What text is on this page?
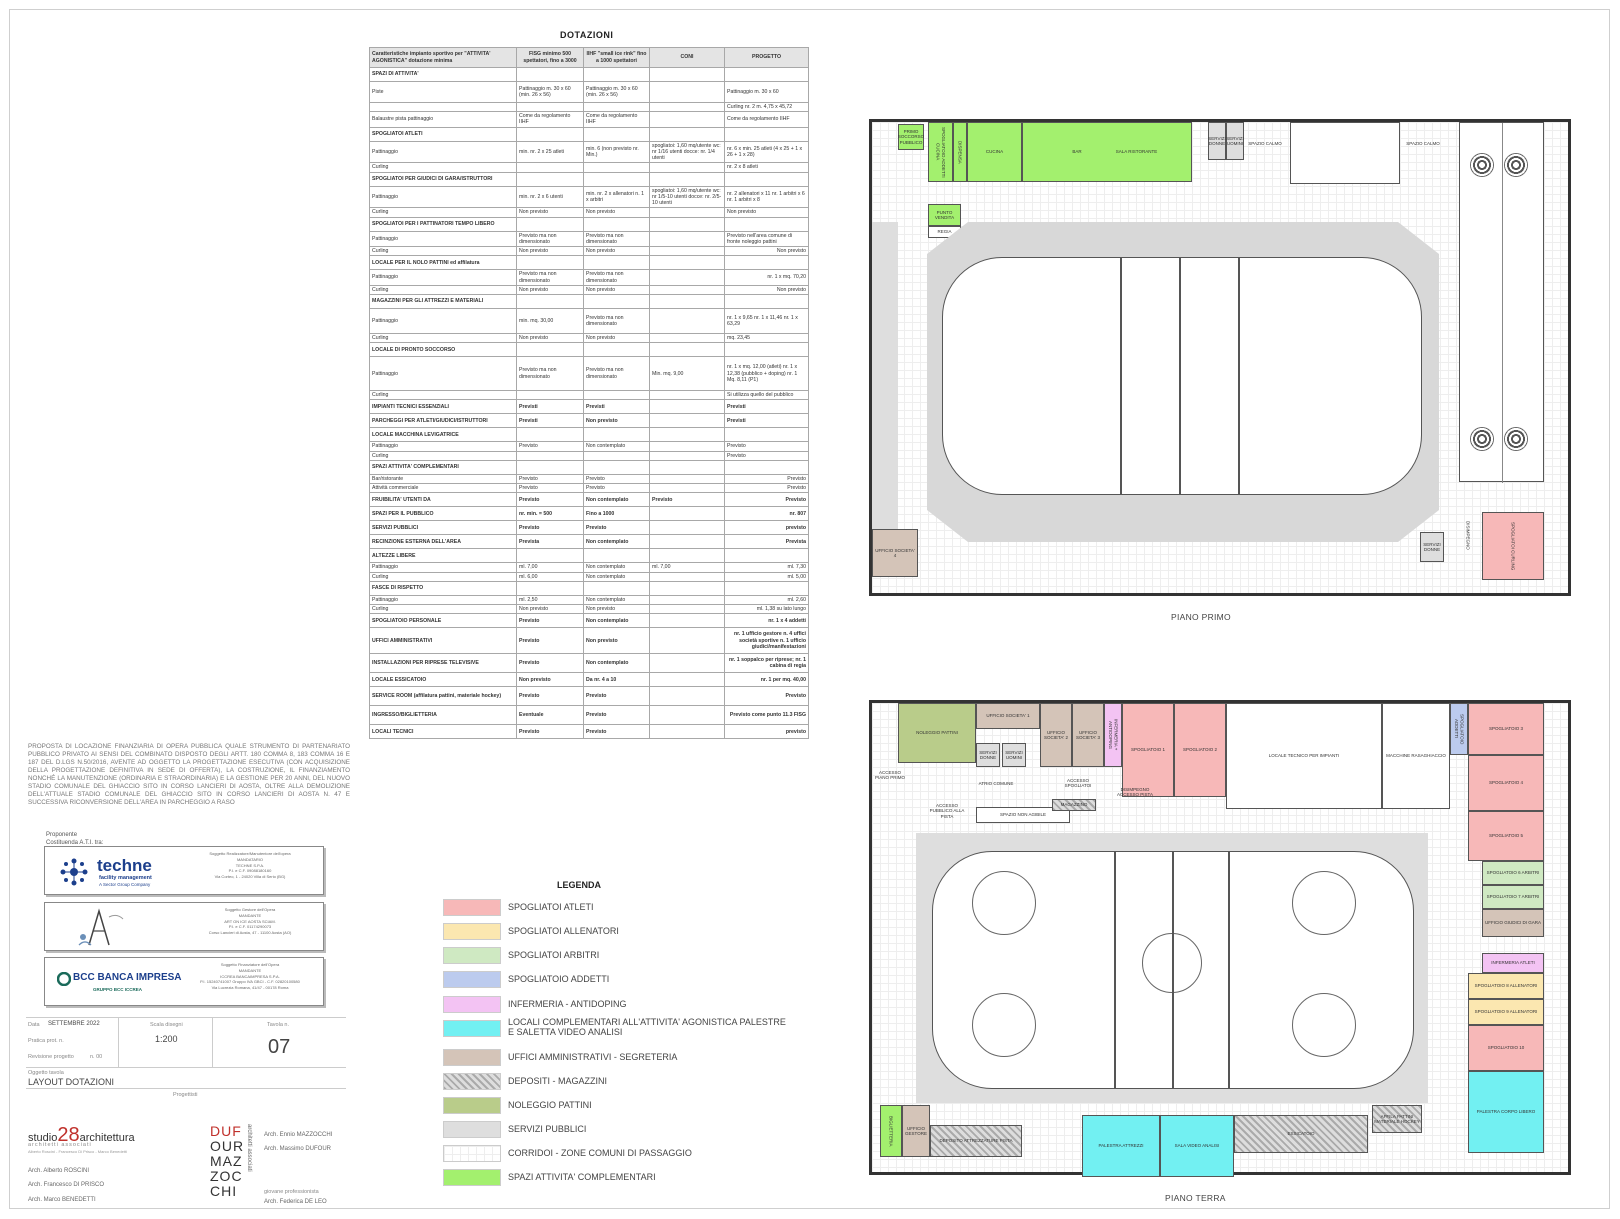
DOTAZIONI
Caratteristiche impianto sportivo per "ATTIVITA' AGONISTICA" dotazione minima	FISG minimo 500 spettatori, fino a 3000	IIHF "small ice rink" fino a 1000 spettatori	CONI	PROGETTO
SPAZI DI ATTIVITA'				
Piste	Pattinaggio m. 30 x 60 (min. 26 x 56)	Pattinaggio m. 30 x 60 (min. 26 x 56)		Pattinaggio m. 30 x 60
				Curling nr. 2 m. 4,75 x 45,72
Balaustre pista pattinaggio	Come da regolamento IIHF	Come da regolamento IIHF		Come da regolamento IIHF
SPOGLIATOI ATLETI				
Pattinaggio	min. nr. 2 x 25 atleti	min. 6 (non previsto nr. Min.)	spogliatoi: 1,60 mq/utente wc: nr 1/16 utenti docce: nr. 1/4 utenti	nr. 6 x min. 25 atleti (4 x 25 + 1 x 26 + 1 x 28)
Curling				nr. 2 x 8 atleti
SPOGLIATOI PER GIUDICI DI GARA/ISTRUTTORI				
Pattinaggio	min. nr. 2 x 6 utenti	min. nr. 2 x allenatori n. 1 x arbitri	spogliatoi: 1,60 mq/utente wc: nr 1/5-10 utenti docce: nr. 2/5-10 utenti	nr. 2 allenatori x 11 nr. 1 arbitri x 6 nr. 1 arbitri x 8
Curling	Non previsto	Non previsto		Non previsto
SPOGLIATOI PER I PATTINATORI TEMPO LIBERO				
Pattinaggio	Previsto ma non dimensionato	Previsto ma non dimensionato		Previsto nell'area comune di fronte noleggio pattini
Curling	Non previsto	Non previsto		Non previsto
LOCALE PER IL NOLO PATTINI ed affilatura				
Pattinaggio	Previsto ma non dimensionato	Previsto ma non dimensionato		nr. 1 x mq. 70,20
Curling	Non previsto	Non previsto		Non previsto
MAGAZZINI PER GLI ATTREZZI E MATERIALI				
Pattinaggio	min. mq. 30,00	Previsto ma non dimensionato		nr. 1 x 9,65 nr. 1 x 11,46 nr. 1 x 63,29
Curling	Non previsto	Non previsto		mq. 23,45
LOCALE DI PRONTO SOCCORSO				
Pattinaggio	Previsto ma non dimensionato	Previsto ma non dimensionato	Min. mq. 9,00	nr. 1 x mq. 12,00 (atleti) nr. 1 x 12,38 (pubblico + doping) nr. 1 Mq. 8,11 (P1)
Curling				Si utilizza quello del pubblico
IMPIANTI TECNICI ESSENZIALI	Previsti	Previsti		Previsti
PARCHEGGI PER ATLETI/GIUDICI/ISTRUTTORI	Previsti	Non previsto		Previsti
LOCALE MACCHINA LEVIGATRICE				
Pattinaggio	Previsto	Non contemplato		Previsto
Curling				Previsto
SPAZI ATTIVITA' COMPLEMENTARI				
Bar/ristorante	Previsto	Previsto		Previsto
Attività commerciale	Previsto	Previsto		Previsto
FRUIBILITA' UTENTI DA	Previsto	Non contemplato	Previsto	Previsto
SPAZI PER IL PUBBLICO	nr. min. = 500	Fino a 1000		nr. 807
SERVIZI PUBBLICI	Previsto	Previsto		previsto
RECINZIONE ESTERNA DELL'AREA	Prevista	Non contemplato		Prevista
ALTEZZE LIBERE				
Pattinaggio	ml. 7,00	Non contemplato	ml. 7,00	ml. 7,30
Curling	ml. 6,00	Non contemplato		ml. 5,00
FASCE DI RISPETTO				
Pattinaggio	ml. 2,50	Non contemplato		ml. 2,60
Curling	Non previsto	Non previsto		ml. 1,38 su lato lungo
SPOGLIATOIO PERSONALE	Previsto	Non contemplato		nr. 1 x 4 addetti
UFFICI AMMINISTRATIVI	Previsto	Non previsto		nr. 1 ufficio gestore n. 4 uffici società sportive n. 1 ufficio giudici/manifestazioni
INSTALLAZIONI PER RIPRESE TELEVISIVE	Previsto	Non contemplato		nr. 1 soppalco per riprese; nr. 1 cabina di regia
LOCALE ESSICATOIO	Non previsto	Da nr. 4 a 10		nr. 1 per mq. 40,00
SERVICE ROOM (affilatura pattini, materiale hockey)	Previsto	Previsto		Previsto
INGRESSO/BIGLIETTERIA	Eventuale	Previsto		Previsto come punto 11.3 FISG
LOCALI TECNICI	Previsto	Previsto		previsto
LEGENDA
SPOGLIATOI ATLETI
SPOGLIATOI ALLENATORI
SPOGLIATOI ARBITRI
SPOGLIATOIO ADDETTI
INFERMERIA - ANTIDOPING
LOCALI COMPLEMENTARI ALL'ATTIVITA' AGONISTICA PALESTRE E SALETTA VIDEO ANALISI
UFFICI AMMINISTRATIVI - SEGRETERIA
DEPOSITI - MAGAZZINI
NOLEGGIO PATTINI
SERVIZI PUBBLICI
CORRIDOI - ZONE COMUNI DI PASSAGGIO
SPAZI ATTIVITA' COMPLEMENTARI
PROPOSTA DI LOCAZIONE FINANZIARIA DI OPERA PUBBLICA QUALE STRUMENTO DI PARTENARIATO PUBBLICO PRIVATO AI SENSI DEL COMBINATO DISPOSTO DEGLI ARTT. 180 COMMA 8, 183 COMMA 16 E 187 DEL D.LGS N.50/2016, AVENTE AD OGGETTO LA PROGETTAZIONE ESECUTIVA (CON ACQUISIZIONE DELLA PROGETTAZIONE DEFINITIVA IN SEDE DI OFFERTA), LA COSTRUZIONE, IL FINANZIAMENTO NONCHÉ LA MANUTENZIONE (ORDINARIA E STRAORDINARIA) E LA GESTIONE PER 20 ANNI, DEL NUOVO STADIO COMUNALE DEL GHIACCIO SITO IN CORSO LANCIERI DI AOSTA, OLTRE ALLA DEMOLIZIONE DELL'ATTUALE STADIO COMUNALE DEL GHIACCIO SITO IN CORSO LANCIERI DI AOSTA N. 47 E SUCCESSIVA RICONVERSIONE DELL'AREA IN PARCHEGGIO A RASO
Proponente
Costituenda A.T.I. tra:
techne
facility management
A Sector Group Company
Soggetto Realizzatore/Manutentore dell'opera
MANDATARIO
TECHNE S.P.A.
P.I. e C.F. 09088180160
Via Corteo, 1 - 24020 Villa di Serio (BG)
Soggetto Gestore dell'Opera
MANDANTE
ART ON ICE AOSTA SCIAM.
P.I. e C.F. 01174290073
Corso Lancieri di Aosta, 47 - 11100 Aosta (AO)
BCC BANCA IMPRESA
GRUPPO BCC ICCREA
Soggetto Finanziatore dell'Opera
MANDANTE
ICCREA BANCAIMPRESA S.P.A.
P.I. 15240741007 Gruppo IVA GBCI - C.F. 02820100580
Via Lucrezia Romana, 41/47 - 00178 Roma
Data SETTEMBRE 2022
Pratica prot. n.
Revisione progetto	n. 00
Scala disegni
1:200
Tavola n.
07
Oggetto tavola
LAYOUT DOTAZIONI
Progettisti
studio28architettura
architetti associati
Alberto Roscini - Francesco Di Prisco - Marco Benedetti
Arch. Alberto ROSCINI
Arch. Francesco DI PRISCO
Arch. Marco BENEDETTI
DUF
OUR
MAZ
ZOC
CHI
architetti associati Arch. Ennio MAZZOCCHI
Arch. Massimo DUFOUR
giovane professionista
Arch. Federica DE LEO
PRIMO SOCCORSO PUBBLICO	SPOGLIATOIO ADDETTI CUCINA	DISPENSA	CUCINA	BAR	SALA RISTORANTE
SERVIZI DONNE
SERVIZI UOMINI	SPAZIO CALMO	SPAZIO CALMO
PUNTO VENDITA
REGIA
UFFICIO SOCIETA' 4
SERVIZI DONNE
DISIMPEGNO	SPOGLIATOI CURLING
PIANO PRIMO
NOLEGGIO PATTINI
UFFICIO SOCIETA' 1
SERVIZI DONNE
SERVIZI UOMINI
UFFICIO SOCIETA' 2
UFFICIO SOCIETA' 3	INFERMERIA + ANTIDOPING
SPOGLIATOIO 1	SPOGLIATOIO 2
LOCALE TECNICO PER IMPIANTI	MACCHINE RASAGHIACCIO
SPOGLIATOIO ADDETTI	SPOGLIATOIO 3
SPOGLIATOIO 4
SPOGLIATOIO 5
SPOGLIATOIO 6 ARBITRI
SPOGLIATOIO 7 ARBITRI
UFFICIO GIUDICI DI GARA
INFERMERIA ATLETI
SPOGLIATOIO 8 ALLENATORI
SPOGLIATOIO 9 ALLENATORI
SPOGLIATOIO 10
PALESTRA CORPO LIBERO
BIGLIETTERIA	UFFICIO GESTORE
DEPOSITO ATTREZZATURE PISTA
PALESTRA ATTREZZI	SALA VIDEO ANALISI
ESSICATOIO
AFFILA PATTINI MATERIALE HOCKEY
ACCESSO PIANO PRIMO
ACCESSO PUBBLICO ALLA PISTA
ATRIO COMUNE
SPAZIO NON AGIBILE
ACCESSO SPOGLIATOI
MAGAZZINO
DISIMPEGNO ACCESSO PISTA
PIANO TERRA
